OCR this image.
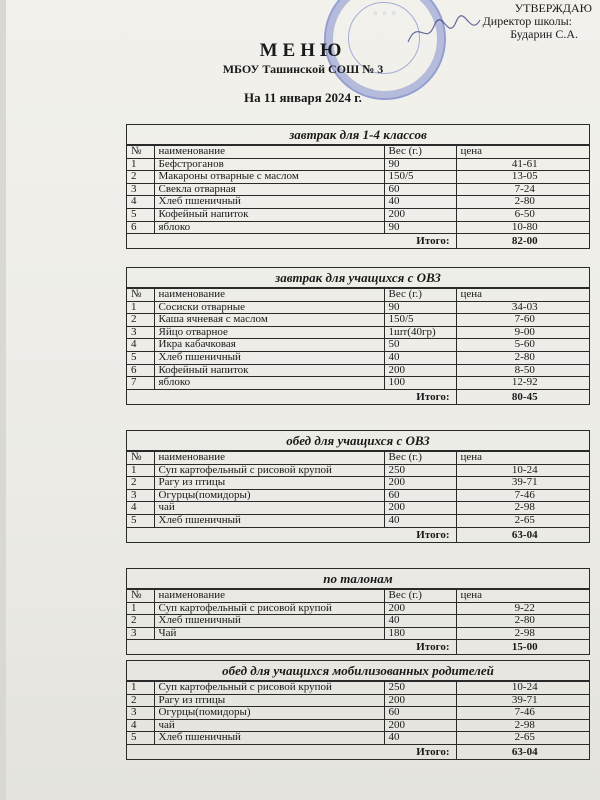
☆ ☆ ☆	УТВЕРЖДАЮ
Директор школы:
Бударин С.А.
МЕНЮ
МБОУ Ташинской СОШ № 3
На 11 января 2024 г.
завтрак для 1-4 классов
№	наименование	Вес (г.)	цена
1	Бефстроганов	90	41-61
2	Макароны отварные с маслом	150/5	13-05
3	Свекла отварная	60	7-24
4	Хлеб пшеничный	40	2-80
5	Кофейный напиток	200	6-50
6	яблоко	90	10-80
Итого:			82-00
завтрак для учащихся с ОВЗ
№	наименование	Вес (г.)	цена
1	Сосиски отварные	90	34-03
2	Каша ячневая с маслом	150/5	7-60
3	Яйцо отварное	1шт(40гр)	9-00
4	Икра кабачковая	50	5-60
5	Хлеб пшеничный	40	2-80
6	Кофейный напиток	200	8-50
7	яблоко	100	12-92
Итого:			80-45
обед для учащихся с ОВЗ
№	наименование	Вес (г.)	цена
1	Суп картофельный с рисовой крупой	250	10-24
2	Рагу из птицы	200	39-71
3	Огурцы(помидоры)	60	7-46
4	чай	200	2-98
5	Хлеб пшеничный	40	2-65
Итого:			63-04
по талонам
№	наименование	Вес (г.)	цена
1	Суп картофельный с рисовой крупой	200	9-22
2	Хлеб пшеничный	40	2-80
3	Чай	180	2-98
Итого:			15-00
обед для учащихся мобилизованных родителей
1	Суп картофельный с рисовой крупой	250	10-24
2	Рагу из птицы	200	39-71
3	Огурцы(помидоры)	60	7-46
4	чай	200	2-98
5	Хлеб пшеничный	40	2-65
Итого:			63-04
